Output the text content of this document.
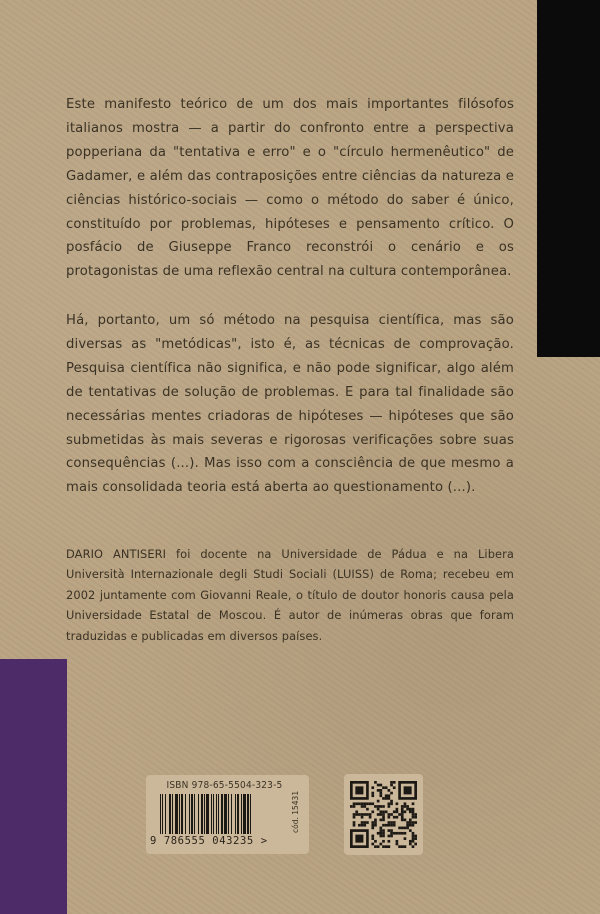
Este manifesto teórico de um dos mais importantes filósofos italianos mostra — a partir do confronto entre a perspectiva popperiana da "tentativa e erro" e o "círculo hermenêutico" de Gadamer, e além das contraposições entre ciências da natureza e ciências histórico-sociais — como o método do saber é único, constituído por problemas, hipóteses e pensamento crítico. O posfácio de Giuseppe Franco reconstrói o cenário e os protagonistas de uma reflexão central na cultura contemporânea.

Há, portanto, um só método na pesquisa científica, mas são diversas as "metódicas", isto é, as técnicas de comprovação. Pesquisa científica não significa, e não pode significar, algo além de tentativas de solução de problemas. E para tal finalidade são necessárias mentes criadoras de hipóteses — hipóteses que são submetidas às mais severas e rigorosas verificações sobre suas consequências (...). Mas isso com a consciência de que mesmo a mais consolidada teoria está aberta ao questionamento (...).

DARIO ANTISERI foi docente na Universidade de Pádua e na Libera Università Internazionale degli Studi Sociali (LUISS) de Roma; recebeu em 2002 juntamente com Giovanni Reale, o título de doutor honoris causa pela Universidade Estatal de Moscou. É autor de inúmeras obras que foram traduzidas e publicadas em diversos países.

ISBN 978-65-5504-323-5
cód. 15431
9 786555 043235 >
